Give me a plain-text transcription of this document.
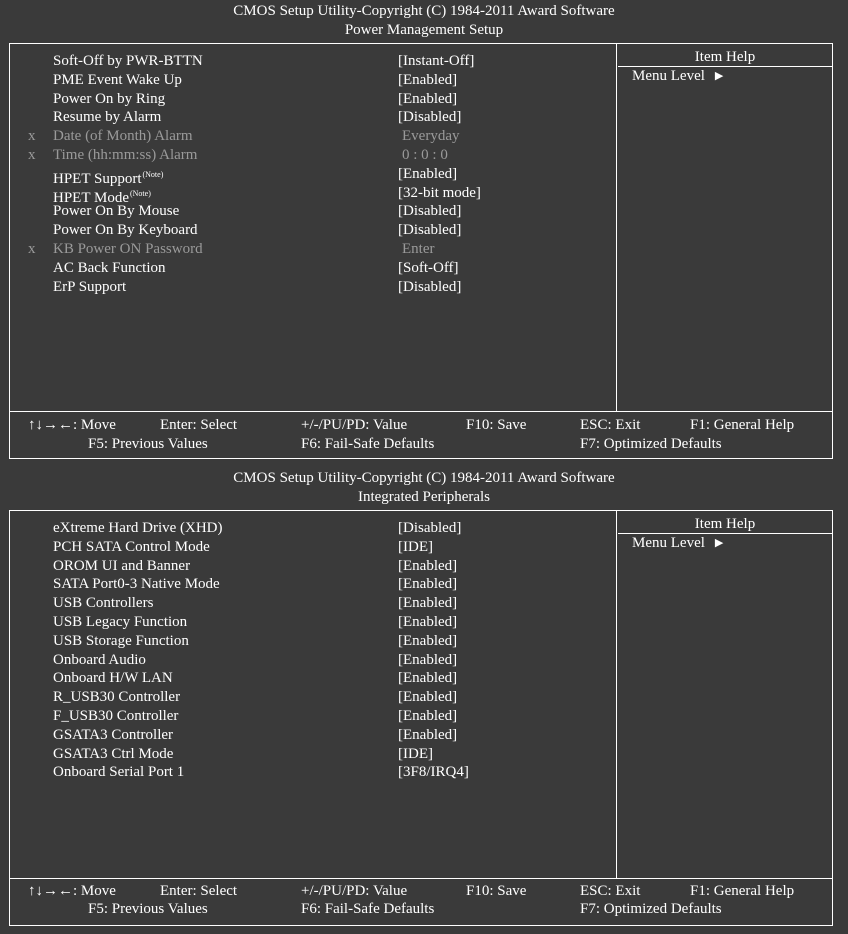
CMOS Setup Utility-Copyright (C) 1984-2011 Award Software
Power Management Setup
Item Help
Menu Level ▶
Soft-Off by PWR-BTTN	[Instant-Off]
PME Event Wake Up	[Enabled]
Power On by Ring	[Enabled]
Resume by Alarm	[Disabled]
x Date (of Month) Alarm	Everyday
x Time (hh:mm:ss) Alarm	0 : 0 : 0
HPET Support$^{(Note)}$	[Enabled]
HPET Mode$^{(Note)}$	[32-bit mode]
Power On By Mouse	[Disabled]
Power On By Keyboard	[Disabled]
x KB Power ON Password	Enter
AC Back Function	[Soft-Off]
ErP Support	[Disabled]
↑↓→←: Move	Enter: Select	+/-/PU/PD: Value	F10: Save	ESC: Exit	F1: General Help
F5: Previous Values	F6: Fail-Safe Defaults	F7: Optimized Defaults
CMOS Setup Utility-Copyright (C) 1984-2011 Award Software
Integrated Peripherals
Item Help
Menu Level ▶
eXtreme Hard Drive (XHD)	[Disabled]
PCH SATA Control Mode	[IDE]
OROM UI and Banner	[Enabled]
SATA Port0-3 Native Mode	[Enabled]
USB Controllers	[Enabled]
USB Legacy Function	[Enabled]
USB Storage Function	[Enabled]
Onboard Audio	[Enabled]
Onboard H/W LAN	[Enabled]
R_USB30 Controller	[Enabled]
F_USB30 Controller	[Enabled]
GSATA3 Controller	[Enabled]
GSATA3 Ctrl Mode	[IDE]
Onboard Serial Port 1	[3F8/IRQ4]
↑↓→←: Move	Enter: Select	+/-/PU/PD: Value	F10: Save	ESC: Exit	F1: General Help
F5: Previous Values	F6: Fail-Safe Defaults	F7: Optimized Defaults
